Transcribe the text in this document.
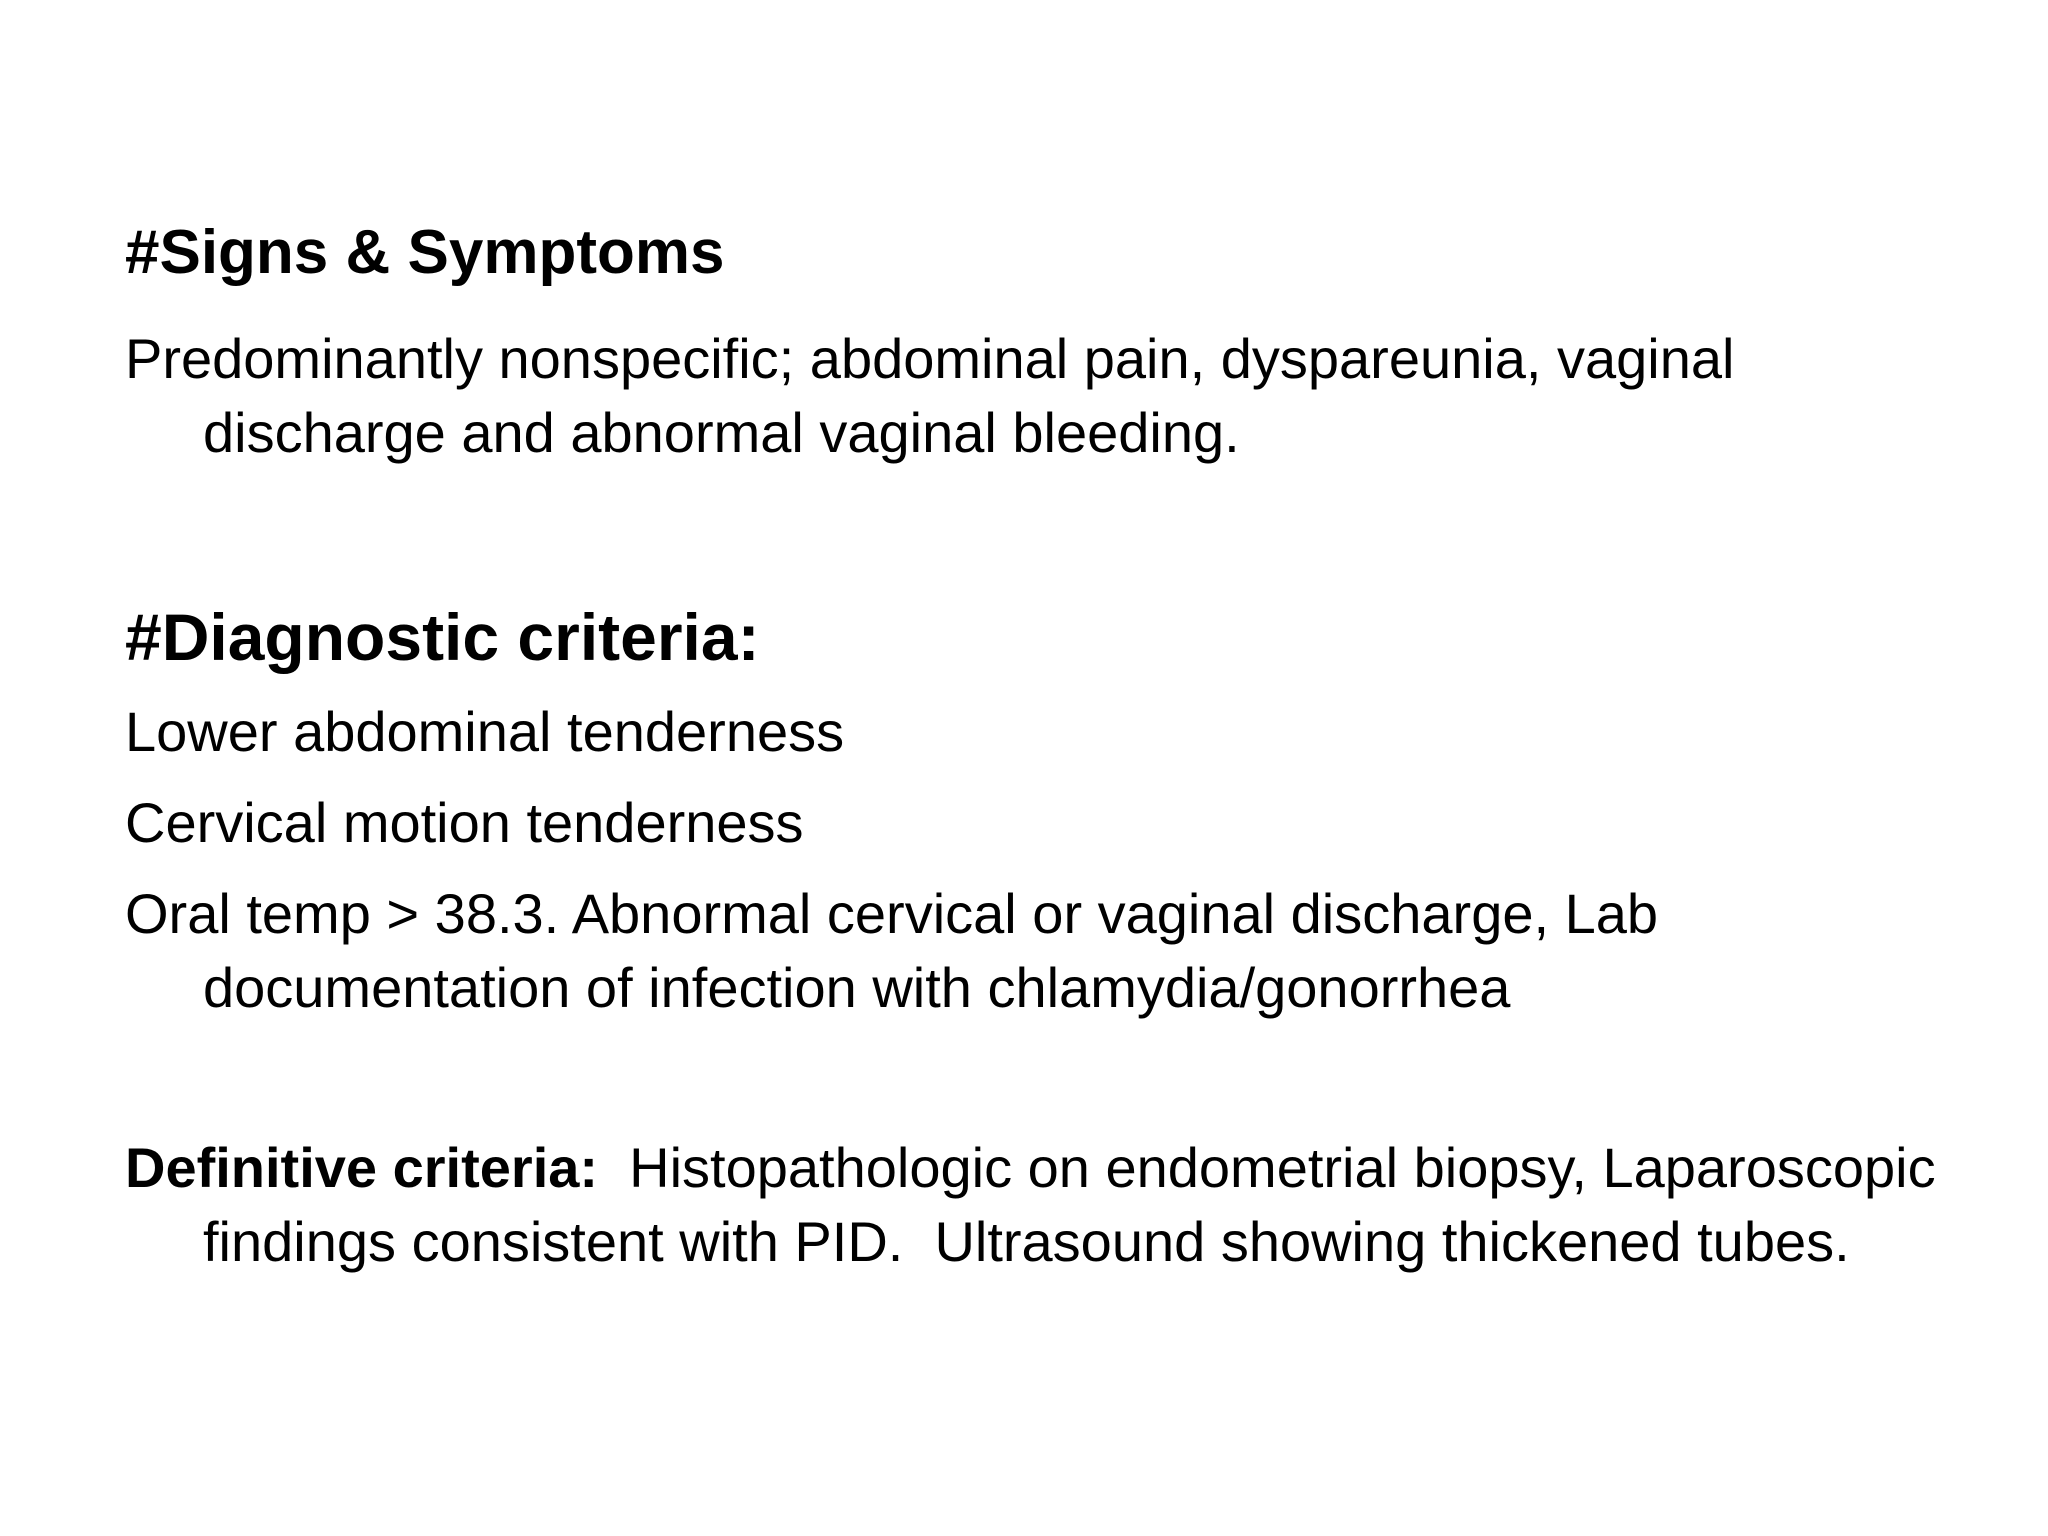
#Signs & Symptoms
Predominantly nonspecific; abdominal pain, dyspareunia, vaginal discharge and abnormal vaginal bleeding.
#Diagnostic criteria:
Lower abdominal tenderness
Cervical motion tenderness
Oral temp > 38.3. Abnormal cervical or vaginal discharge, Lab documentation of infection with chlamydia/gonorrhea
Definitive criteria: Histopathologic on endometrial biopsy, Laparoscopic findings consistent with PID.  Ultrasound showing thickened tubes.
